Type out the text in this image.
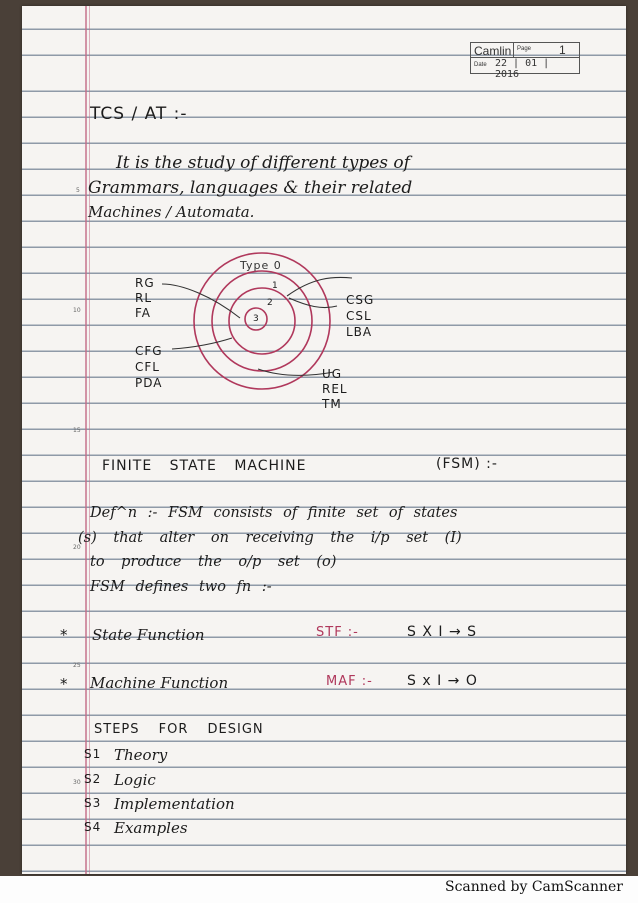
Camlin Page 1
Date 22 | 01 | 2016
5
10
15
20
25
30
TCS / AT :-
It is the study of different types of
Grammars, languages & their related
Machines / Automata.
Type 0
1
2
3
RG
RL
FA
CFG
CFL
PDA
CSG
CSL
LBA
UG
REL
TM
FINITE STATE MACHINE	(FSM) :-
Def^n :- FSM consists of finite set of states
(s) that alter on receiving the i/p set (I)
to produce the o/p set (o)
FSM defines two fn :-
* State Function	STF :-	S X I → S
* Machine Function	MAF :- S x I → O
STEPS FOR DESIGN
S1 Theory
S2 Logic
S3 Implementation
S4 Examples
Scanned by CamScanner
